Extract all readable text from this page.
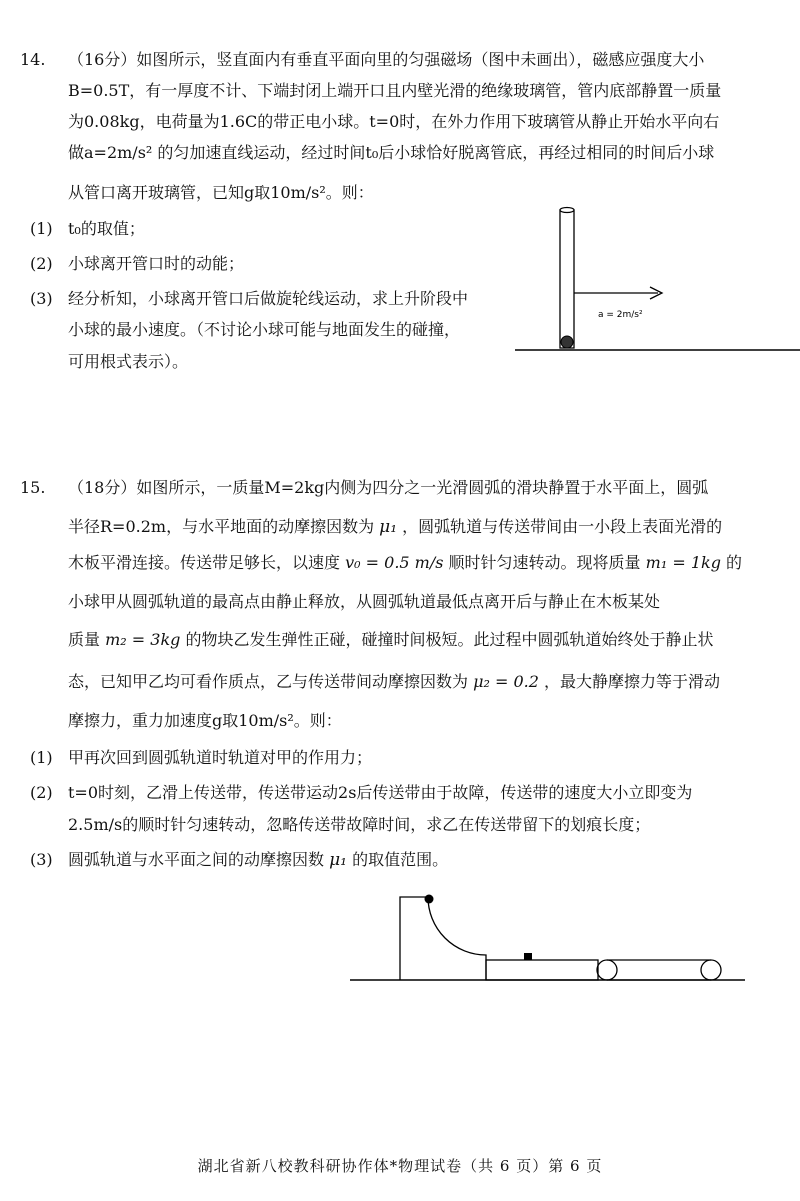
14. （16分）如图所示，竖直面内有垂直平面向里的匀强磁场（图中未画出），磁感应强度大小
B=0.5T，有一厚度不计、下端封闭上端开口且内壁光滑的绝缘玻璃管，管内底部静置一质量
为0.08kg，电荷量为1.6C的带正电小球。t=0时，在外力作用下玻璃管从静止开始水平向右
做a=2m/s² 的匀加速直线运动，经过时间t₀后小球恰好脱离管底，再经过相同的时间后小球
从管口离开玻璃管，已知g取10m/s²。则：
(1) t₀的取值；
(2) 小球离开管口时的动能；
(3) 经分析知，小球离开管口后做旋轮线运动，求上升阶段中
小球的最小速度。（不讨论小球可能与地面发生的碰撞，
可用根式表示）。
a = 2m/s²
15. （18分）如图所示，一质量M=2kg内侧为四分之一光滑圆弧的滑块静置于水平面上，圆弧
半径R=0.2m，与水平地面的动摩擦因数为 μ₁ ，圆弧轨道与传送带间由一小段上表面光滑的
木板平滑连接。传送带足够长，以速度 v₀ = 0.5 m/s 顺时针匀速转动。现将质量 m₁ = 1kg 的
小球甲从圆弧轨道的最高点由静止释放，从圆弧轨道最低点离开后与静止在木板某处
质量 m₂ = 3kg 的物块乙发生弹性正碰，碰撞时间极短。此过程中圆弧轨道始终处于静止状
态，已知甲乙均可看作质点，乙与传送带间动摩擦因数为 μ₂ = 0.2 ，最大静摩擦力等于滑动
摩擦力，重力加速度g取10m/s²。则：
(1) 甲再次回到圆弧轨道时轨道对甲的作用力；
(2) t=0时刻，乙滑上传送带，传送带运动2s后传送带由于故障，传送带的速度大小立即变为
2.5m/s的顺时针匀速转动，忽略传送带故障时间，求乙在传送带留下的划痕长度；
(3) 圆弧轨道与水平面之间的动摩擦因数 μ₁ 的取值范围。
湖北省新八校教科研协作体*物理试卷（共 6 页）第 6 页
